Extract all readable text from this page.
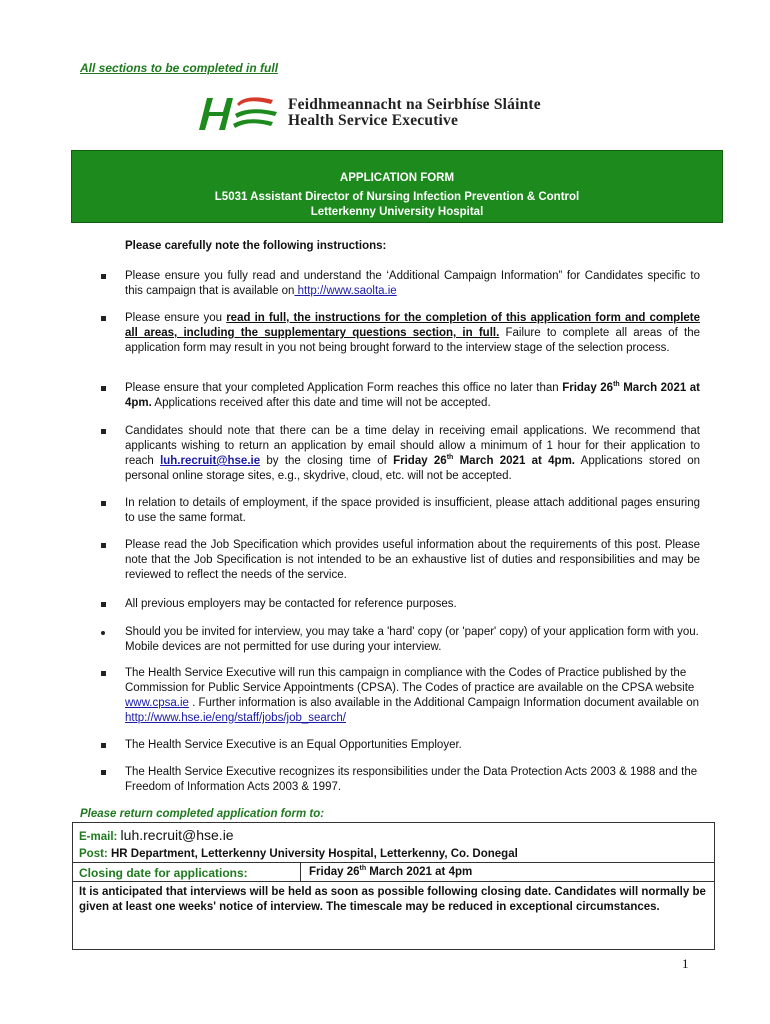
All sections to be completed in full
Feidhmeannacht na Seirbhíse Sláinte
Health Service Executive
APPLICATION FORM
L5031 Assistant Director of Nursing Infection Prevention & Control
Letterkenny University Hospital
Please carefully note the following instructions:
Please ensure you fully read and understand the ‘Additional Campaign Information” for Candidates specific to this campaign that is available on http://www.saolta.ie
Please ensure you read in full, the instructions for the completion of this application form and complete all areas, including the supplementary questions section, in full. Failure to complete all areas of the application form may result in you not being brought forward to the interview stage of the selection process.
Please ensure that your completed Application Form reaches this office no later than Friday 26th March 2021 at 4pm. Applications received after this date and time will not be accepted.
Candidates should note that there can be a time delay in receiving email applications. We recommend that applicants wishing to return an application by email should allow a minimum of 1 hour for their application to reach luh.recruit@hse.ie by the closing time of Friday 26th March 2021 at 4pm. Applications stored on personal online storage sites, e.g., skydrive, cloud, etc. will not be accepted.
In relation to details of employment, if the space provided is insufficient, please attach additional pages ensuring to use the same format.
Please read the Job Specification which provides useful information about the requirements of this post. Please note that the Job Specification is not intended to be an exhaustive list of duties and responsibilities and may be reviewed to reflect the needs of the service.
All previous employers may be contacted for reference purposes.
Should you be invited for interview, you may take a 'hard' copy (or 'paper' copy) of your application form with you. Mobile devices are not permitted for use during your interview.
The Health Service Executive will run this campaign in compliance with the Codes of Practice published by the Commission for Public Service Appointments (CPSA). The Codes of practice are available on the CPSA website www.cpsa.ie . Further information is also available in the Additional Campaign Information document available on http://www.hse.ie/eng/staff/jobs/job_search/
The Health Service Executive is an Equal Opportunities Employer.
The Health Service Executive recognizes its responsibilities under the Data Protection Acts 2003 & 1988 and the Freedom of Information Acts 2003 & 1997.
Please return completed application form to:
E-mail: luh.recruit@hse.ie
Post: HR Department, Letterkenny University Hospital, Letterkenny, Co. Donegal
Closing date for applications:	Friday 26th March 2021 at 4pm
It is anticipated that interviews will be held as soon as possible following closing date. Candidates will normally be given at least one weeks' notice of interview. The timescale may be reduced in exceptional circumstances.
1
